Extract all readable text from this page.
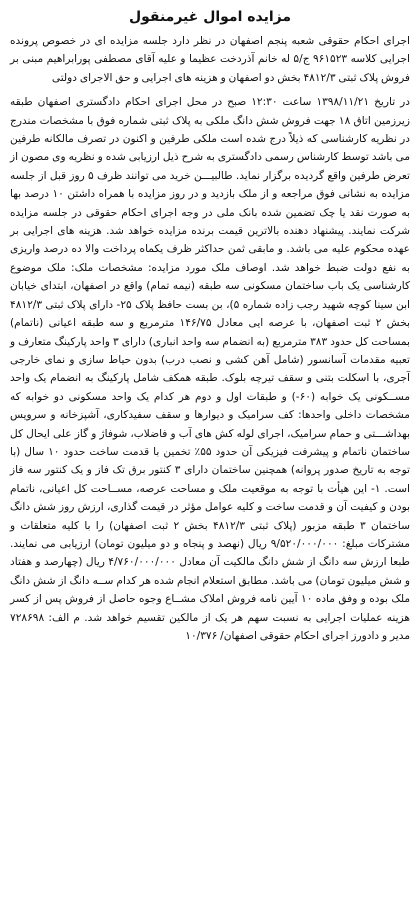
مزایده اموال غیرمنقول

اجرای احکام حقوقی شعبه پنجم اصفهان در نظر دارد جلسه مزایده ای در خصوص پرونده اجرایی کلاسه ۹۶۱۵۲۳ ج/۵ له خانم آذردخت عظیما و علیه آقای مصطفی پورابراهیم مبنی بر فروش پلاک ثبتی ۴۸۱۲/۳ بخش دو اصفهان و هزینه های اجرایی و حق الاجرای دولتی

در تاریخ ۱۳۹۸/۱۱/۲۱ ساعت ۱۲:۳۰ صبح در محل اجرای احکام دادگستری اصفهان طبقه زیرزمین اتاق ۱۸ جهت فروش شش دانگ ملکی به پلاک ثبتی شماره فوق با مشخصات مندرج در نظریه کارشناسی که ذیلاً درج شده است ملکی طرفین و اکنون در تصرف مالکانه طرفین می باشد توسط کارشناس رسمی دادگستری به شرح ذیل ارزیابی شده و نظریه وی مصون از تعرض طرفین واقع گردیده برگزار نماید. طالبیـــن خرید می توانند ظرف ۵ روز قبل از جلسه مزایده به نشانی فوق مراجعه و از ملک بازدید و در روز مزایده با همراه داشتن ۱۰ درصد بها به صورت نقد یا چک تضمین شده بانک ملی در وجه اجرای احکام حقوقی در جلسه مزایده شرکت نمایند. پیشنهاد دهنده بالاترین قیمت برنده مزایده خواهد شد. هزینه های اجرایی بر عهده محکوم علیه می باشد. و مابقی ثمن حداکثر ظرف یکماه پرداخت والا ده درصد واریزی به نفع دولت ضبط خواهد شد. اوصاف ملک مورد مزایده: مشخصات ملک: ملک موضوع کارشناسی یک باب ساختمان مسکونی سه طبقه (نیمه تمام) واقع در اصفهان، ابتدای خیابان ابن سینا کوچه شهید رجب زاده شماره ۵)، بن بست حافظ پلاک ۲۵- دارای پلاک ثبتی ۴۸۱۲/۳ بخش ۲ ثبت اصفهان، با عرصه ایی معادل ۱۴۶/۷۵ مترمربع و سه طبقه اعیانی (ناتمام) بمساحت کل حدود ۳۸۳ مترمربع (به انضمام سه واحد انباری) دارای ۳ واحد پارکینگ متعارف و تعبیه مقدمات آسانسور (شامل آهن کشی و نصب درب) بدون حیاط سازی و نمای خارجی آجری، با اسکلت بتنی و سقف تیرچه بلوک. طبقه همکف شامل پارکینگ به انضمام یک واحد مســکونی یک خوابه (۶۰-) و طبقات اول و دوم هر کدام یک واحد مسکونی دو خوابه که مشخصات داخلی واحدها: کف سرامیک و دیوارها و سقف سفیدکاری، آشپزخانه و سرویس بهداشـــتی و حمام سرامیک، اجرای لوله کش های آب و فاضلاب، شوفاژ و گاز علی ایحال کل ساختمان ناتمام و پیشرفت فیزیکی آن حدود ۵۵٪ تخمین با قدمت ساخت حدود ۱۰ سال (با توجه به تاریخ صدور پروانه) همچنین ساختمان دارای ۳ کنتور برق تک فاز و یک کنتور سه فاز است. ۱- این هیأت با توجه به موقعیت ملک و مساحت عرصه، مســاحت کل اعیانی، ناتمام بودن و کیفیت آن و قدمت ساخت و کلیه عوامل مؤثر در قیمت گذاری، ارزش روز شش دانگ ساختمان ۳ طبقه مزبور (پلاک ثبتی ۴۸۱۲/۳ بخش ۲ ثبت اصفهان) را با کلیه متعلقات و مشترکات مبلغ: ۹/۵۲۰/۰۰۰/۰۰۰ ریال (نهصد و پنجاه و دو میلیون تومان) ارزیابی می نمایند. طبعا ارزش سه دانگ از شش دانگ مالکیت آن معادل ۴/۷۶۰/۰۰۰/۰۰۰ ریال (چهارصد و هفتاد و شش میلیون تومان) می باشد. مطابق استعلام انجام شده هر کدام ســه دانگ از شش دانگ ملک بوده و وفق ماده ۱۰ آیین نامه فروش املاک مشــاع وجوه حاصل از فروش پس از کسر هزینه عملیات اجرایی به نسبت سهم هر یک از مالکین تقسیم خواهد شد. م الف: ۷۲۸۶۹۸ مدیر و دادورز اجرای احکام حقوقی اصفهان/ ۱۰/۳۷۶
